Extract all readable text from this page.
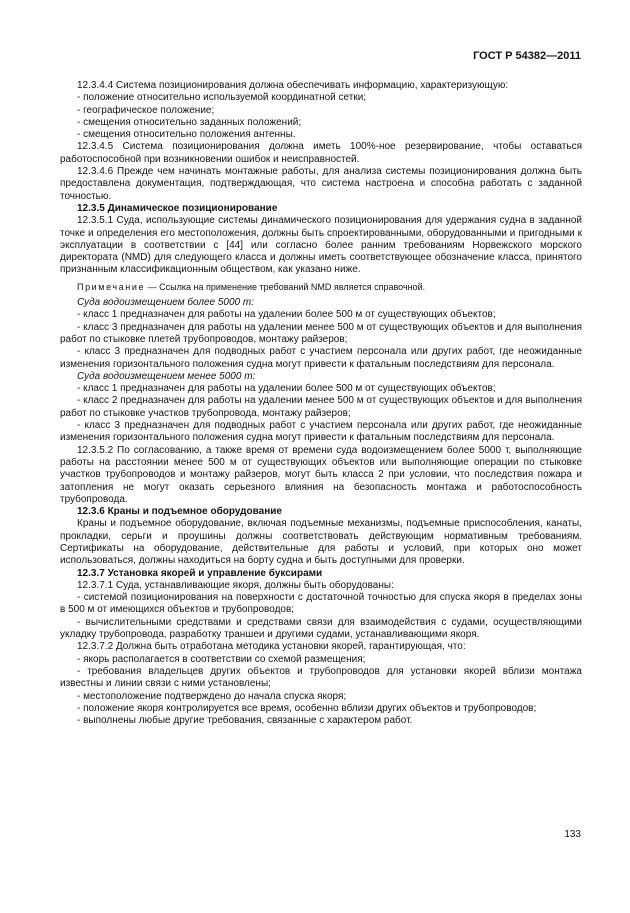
ГОСТ Р 54382—2011

12.3.4.4 Система позиционирования должна обеспечивать информацию, характеризующую:

- положение относительно используемой координатной сетки;

- географическое положение;

- смещения относительно заданных положений;

- смещения относительно положения антенны.

12.3.4.5 Система позиционирования должна иметь 100%-ное резервирование, чтобы оставаться работоспособной при возникновении ошибок и неисправностей.

12.3.4.6 Прежде чем начинать монтажные работы, для анализа системы позиционирования должна быть предоставлена документация, подтверждающая, что система настроена и способна работать с заданной точностью.

12.3.5 Динамическое позиционирование

12.3.5.1 Суда, использующие системы динамического позиционирования для удержания судна в заданной точке и определения его местоположения, должны быть спроектированными, оборудованными и пригодными к эксплуатации в соответствии с [44] или согласно более ранним требованиям Норвежского морского директората (NMD) для следующего класса и должны иметь соответствующее обозначение класса, принятого признанным классификационным обществом, как указано ниже.

Примечание — Ссылка на применение требований NMD является справочной.

Суда водоизмещением более 5000 т:

- класс 1 предназначен для работы на удалении более 500 м от существующих объектов;

- класс 3 предназначен для работы на удалении менее 500 м от существующих объектов и для выполнения работ по стыковке плетей трубопроводов, монтажу райзеров;

- класс 3 предназначен для подводных работ с участием персонала или других работ, где неожиданные изменения горизонтального положения судна могут привести к фатальным последствиям для персонала.

Суда водоизмещением менее 5000 т:

- класс 1 предназначен для работы на удалении более 500 м от существующих объектов;

- класс 2 предназначен для работы на удалении менее 500 м от существующих объектов и для выполнения работ по стыковке участков трубопровода, монтажу райзеров;

- класс 3 предназначен для подводных работ с участием персонала или других работ, где неожиданные изменения горизонтального положения судна могут привести к фатальным последствиям для персонала.

12.3.5.2 По согласованию, а также время от времени суда водоизмещением более 5000 т, выполняющие работы на расстоянии менее 500 м от существующих объектов или выполняющие операции по стыковке участков трубопроводов и монтажу райзеров, могут быть класса 2 при условии, что последствия пожара и затопления не могут оказать серьезного влияния на безопасность монтажа и работоспособность трубопровода.

12.3.6 Краны и подъемное оборудование

Краны и подъемное оборудование, включая подъемные механизмы, подъемные приспособления, канаты, прокладки, серьги и проушины должны соответствовать действующим нормативным требованиям. Сертификаты на оборудование, действительные для работы и условий, при которых оно может использоваться, должны находиться на борту судна и быть доступными для проверки.

12.3.7 Установка якорей и управление буксирами

12.3.7.1 Суда, устанавливающие якоря, должны быть оборудованы:

- системой позиционирования на поверхности с достаточной точностью для спуска якоря в пределах зоны в 500 м от имеющихся объектов и трубопроводов;

- вычислительными средствами и средствами связи для взаимодействия с судами, осуществляющими укладку трубопровода, разработку траншеи и другими судами, устанавливающими якоря.

12.3.7.2 Должна быть отработана методика установки якорей, гарантирующая, что:

- якорь располагается в соответствии со схемой размещения;

- требования владельцев других объектов и трубопроводов для установки якорей вблизи монтажа известны и линии связи с ними установлены;

- местоположение подтверждено до начала спуска якоря;

- положение якоря контролируется все время, особенно вблизи других объектов и трубопроводов;

- выполнены любые другие требования, связанные с характером работ.

133
